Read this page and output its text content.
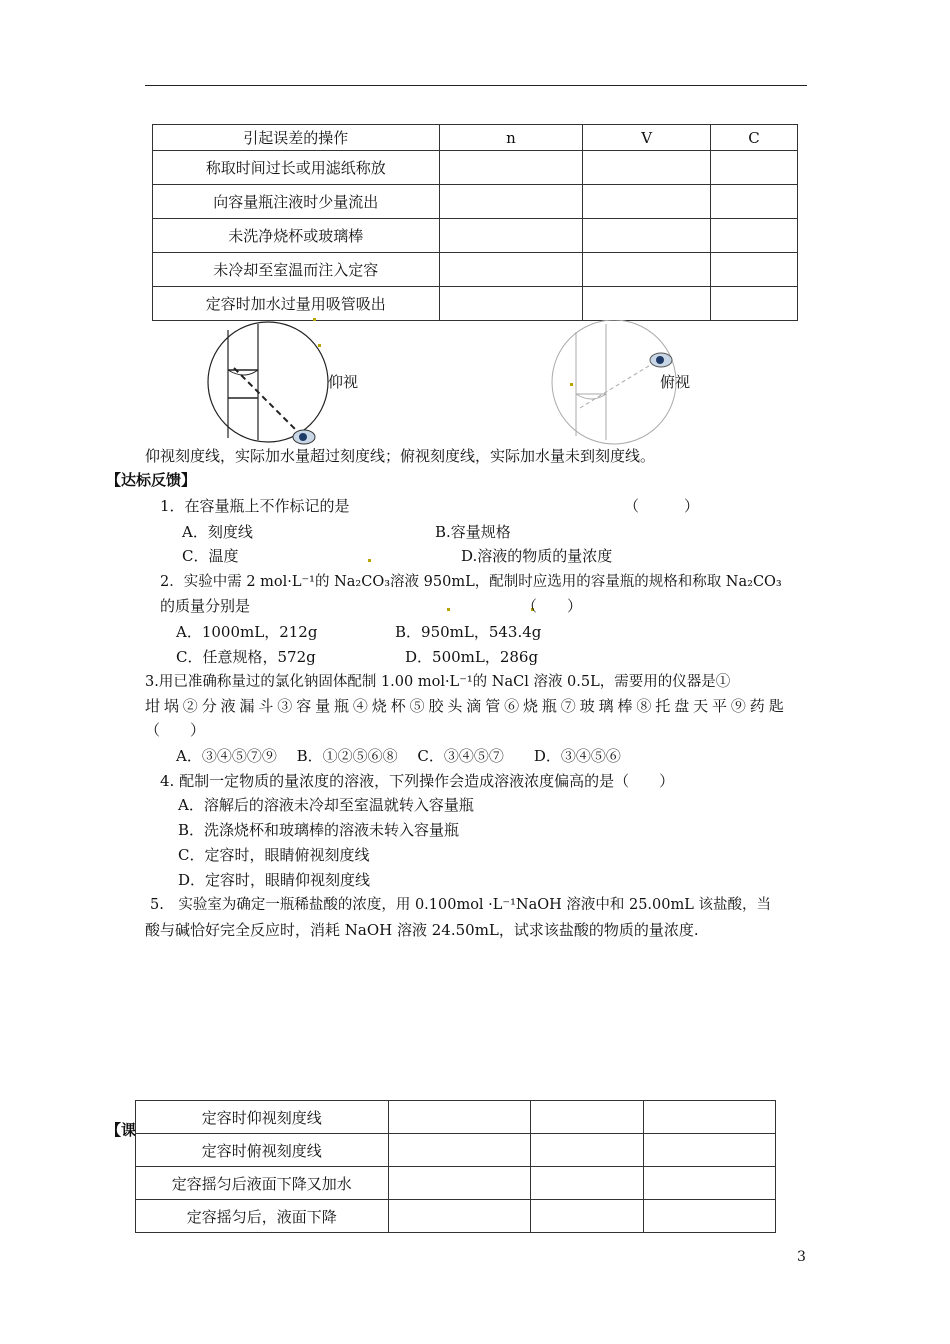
引起误差的操作	n	V	C
称取时间过长或用滤纸称放			
向容量瓶注液时少量流出			
未洗净烧杯或玻璃棒			
未冷却至室温而注入定容			
定容时加水过量用吸管吸出			
仰视	俯视
仰视刻度线，实际加水量超过刻度线；俯视刻度线，实际加水量未到刻度线。
【达标反馈】
1．在容量瓶上不作标记的是	（　　　）
A．刻度线	B.容量规格
C．温度	D.溶液的物质的量浓度
2．实验中需 2 mol·L⁻¹的 Na₂CO₃溶液 950mL，配制时应选用的容量瓶的规格和称取 Na₂CO₃
的质量分别是	（　　）
A．1000mL，212g	B．950mL，543.4g
C．任意规格，572g	D．500mL，286g
3.用已准确称量过的氯化钠固体配制 1.00 mol·L⁻¹的 NaCl 溶液 0.5L，需要用的仪器是①
坩埚②分液漏斗③容量瓶④烧杯⑤胶头滴管⑥烧瓶⑦玻璃棒⑧托盘天平⑨药匙
（　　）
A．③④⑤⑦⑨　 B．①②⑤⑥⑧　 C．③④⑤⑦　　D．③④⑤⑥
4. 配制一定物质的量浓度的溶液，下列操作会造成溶液浓度偏高的是（　　）
A．溶解后的溶液未冷却至室温就转入容量瓶
B．洗涤烧杯和玻璃棒的溶液未转入容量瓶
C．定容时，眼睛俯视刻度线
D．定容时，眼睛仰视刻度线
5.　实验室为确定一瓶稀盐酸的浓度，用 0.100mol ·L⁻¹NaOH 溶液中和 25.00mL 该盐酸，当
酸与碱恰好完全反应时，消耗 NaOH 溶液 24.50mL，试求该盐酸的物质的量浓度.
【课
定容时仰视刻度线			
定容时俯视刻度线			
定容摇匀后液面下降又加水			
定容摇匀后，液面下降			
3
